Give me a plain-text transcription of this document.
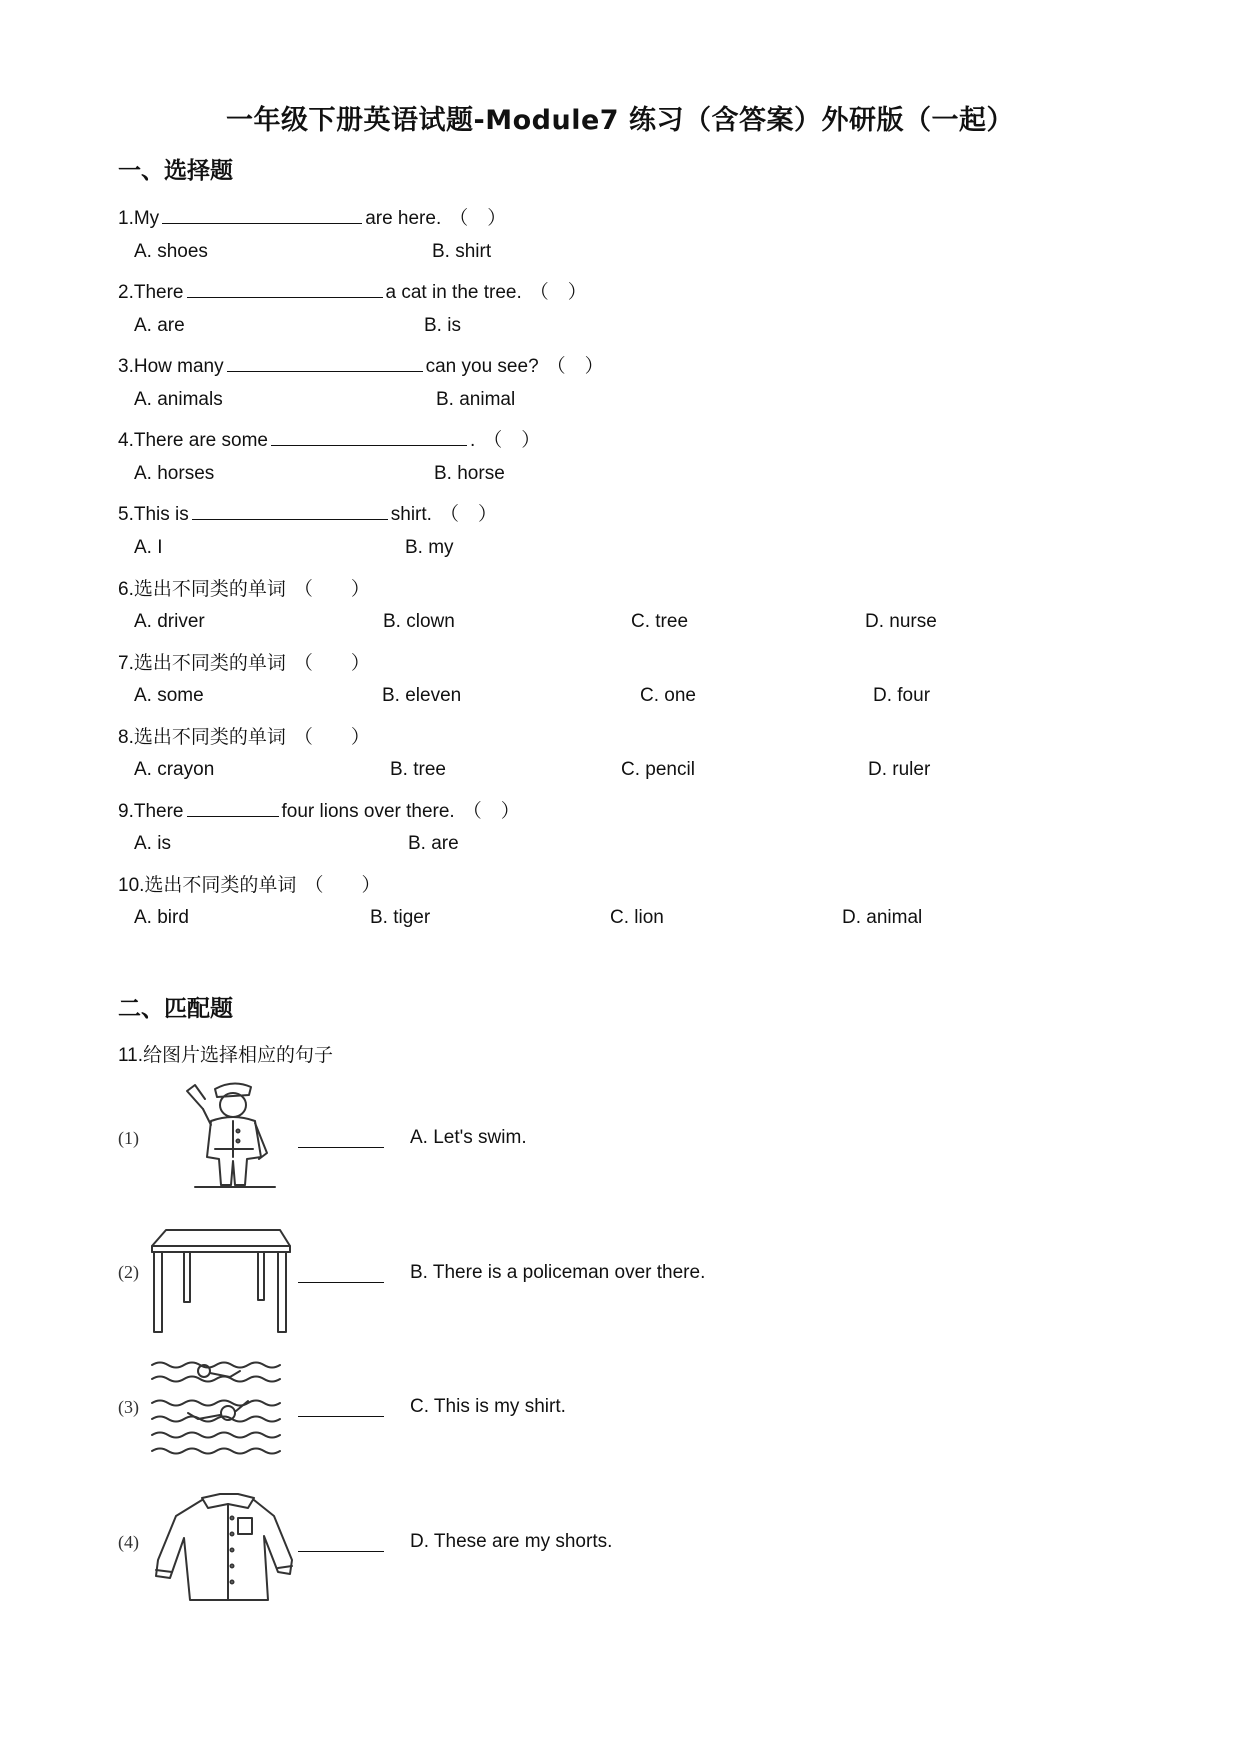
一年级下册英语试题-Module7 练习（含答案）外研版（一起）
一、选择题
1.My	are here. （　）
A. shoes	B. shirt
2.There	a cat in the tree. （　）
A. are	B. is
3.How many	can you see? （　）
A. animals	B. animal
4.There are some	. （　）
A. horses	B. horse
5.This is	shirt. （　）
A. I	B. my
6.选出不同类的单词 （　　）
A. driver	B. clown	C. tree	D. nurse
7.选出不同类的单词 （　　）
A. some	B. eleven	C. one	D. four
8.选出不同类的单词 （　　）
A. crayon	B. tree	C. pencil	D. ruler
9.There	four lions over there. （　）
A. is	B. are
10.选出不同类的单词 （　　）
A. bird	B. tiger	C. lion	D. animal
二、匹配题
11.给图片选择相应的句子
(1)	A. Let's swim.
(2)	B. There is a policeman over there.
(3)	C. This is my shirt.
(4)	D. These are my shorts.
